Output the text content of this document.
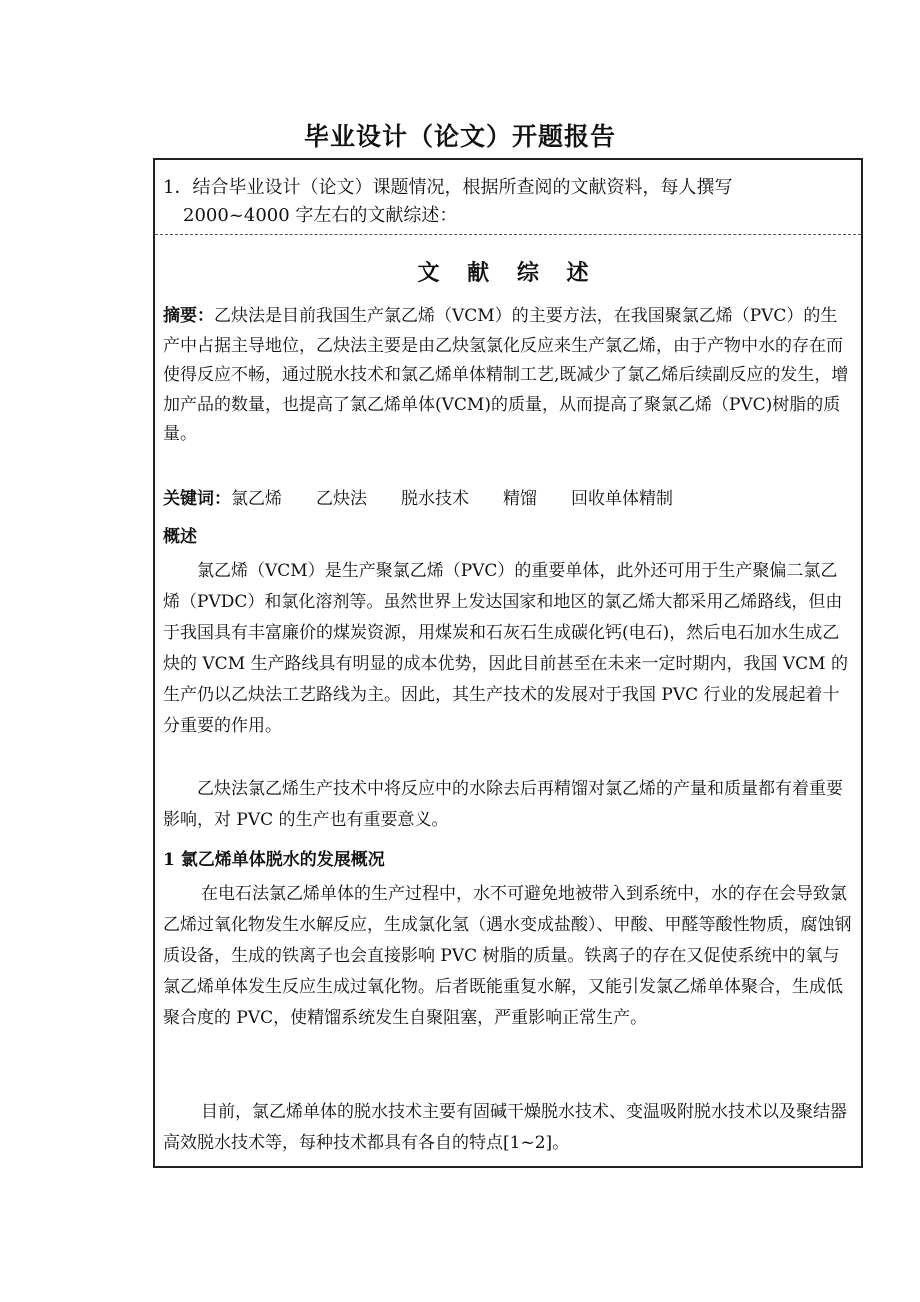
毕业设计（论文）开题报告
1．结合毕业设计（论文）课题情况，根据所查阅的文献资料，每人撰写
2000~4000 字左右的文献综述：
文 献 综 述
摘要：乙炔法是目前我国生产氯乙烯（VCM）的主要方法，在我国聚氯乙烯（PVC）的生产中占据主导地位，乙炔法主要是由乙炔氢氯化反应来生产氯乙烯，由于产物中水的存在而使得反应不畅，通过脱水技术和氯乙烯单体精制工艺,既减少了氯乙烯后续副反应的发生，增加产品的数量，也提高了氯乙烯单体(VCM)的质量，从而提高了聚氯乙烯（PVC)树脂的质量。
关键词：氯乙烯 乙炔法 脱水技术 精馏 回收单体精制
概述
氯乙烯（VCM）是生产聚氯乙烯（PVC）的重要单体，此外还可用于生产聚偏二氯乙烯（PVDC）和氯化溶剂等。虽然世界上发达国家和地区的氯乙烯大都采用乙烯路线，但由于我国具有丰富廉价的煤炭资源，用煤炭和石灰石生成碳化钙(电石)，然后电石加水生成乙炔的 VCM 生产路线具有明显的成本优势，因此目前甚至在未来一定时期内，我国 VCM 的生产仍以乙炔法工艺路线为主。因此，其生产技术的发展对于我国 PVC 行业的发展起着十分重要的作用。
乙炔法氯乙烯生产技术中将反应中的水除去后再精馏对氯乙烯的产量和质量都有着重要影响，对 PVC 的生产也有重要意义。
1 氯乙烯单体脱水的发展概况
在电石法氯乙烯单体的生产过程中，水不可避免地被带入到系统中，水的存在会导致氯乙烯过氧化物发生水解反应，生成氯化氢（遇水变成盐酸）、甲酸、甲醛等酸性物质，腐蚀钢质设备，生成的铁离子也会直接影响 PVC 树脂的质量。铁离子的存在又促使系统中的氧与氯乙烯单体发生反应生成过氧化物。后者既能重复水解，又能引发氯乙烯单体聚合，生成低聚合度的 PVC，使精馏系统发生自聚阻塞，严重影响正常生产。
目前，氯乙烯单体的脱水技术主要有固碱干燥脱水技术、变温吸附脱水技术以及聚结器高效脱水技术等，每种技术都具有各自的特点[1~2]。
